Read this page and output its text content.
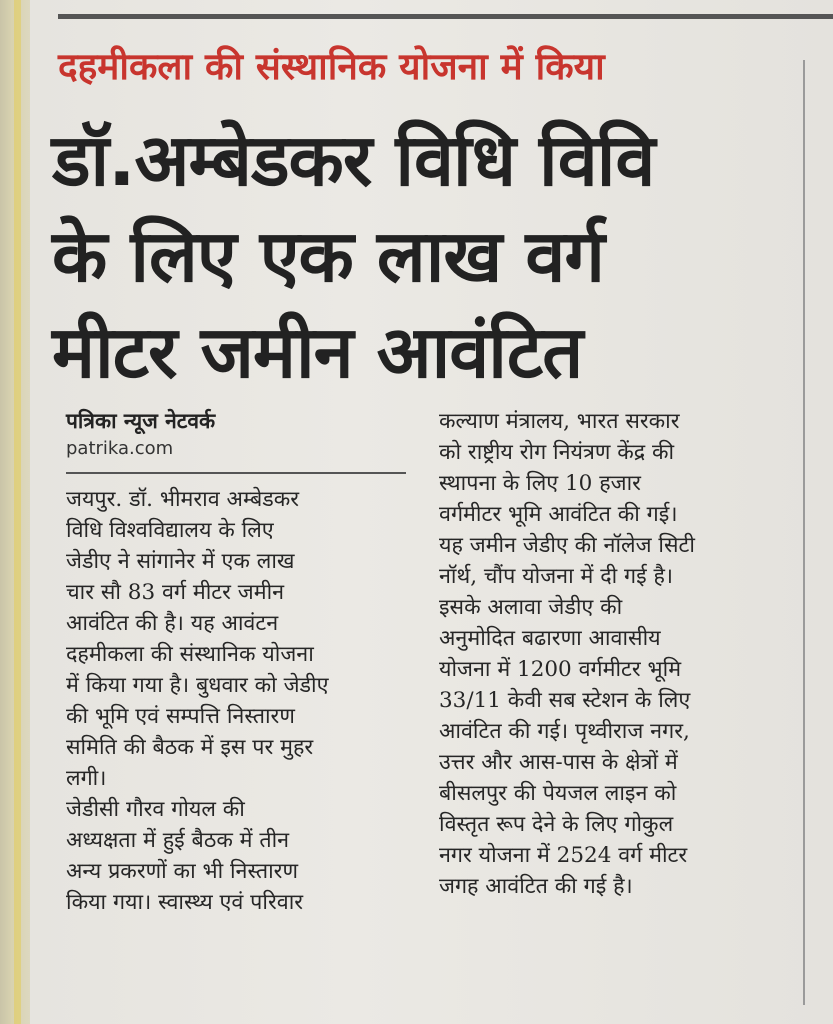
दहमीकला की संस्थानिक योजना में किया
डॉ.अम्बेडकर विधि विवि
के लिए एक लाख वर्ग
मीटर जमीन आवंटित
पत्रिका न्यूज नेटवर्क
patrika.com
जयपुर. डॉ. भीमराव अम्बेडकर
विधि विश्वविद्यालय के लिए
जेडीए ने सांगानेर में एक लाख
चार सौ 83 वर्ग मीटर जमीन
आवंटित की है। यह आवंटन
दहमीकला की संस्थानिक योजना
में किया गया है। बुधवार को जेडीए
की भूमि एवं सम्पत्ति निस्तारण
समिति की बैठक में इस पर मुहर
लगी।
जेडीसी गौरव गोयल की
अध्यक्षता में हुई बैठक में तीन
अन्य प्रकरणों का भी निस्तारण
किया गया। स्वास्थ्य एवं परिवार
कल्याण मंत्रालय, भारत सरकार
को राष्ट्रीय रोग नियंत्रण केंद्र की
स्थापना के लिए 10 हजार
वर्गमीटर भूमि आवंटित की गई।
यह जमीन जेडीए की नॉलेज सिटी
नॉर्थ, चौंप योजना में दी गई है।
इसके अलावा जेडीए की
अनुमोदित बढारणा आवासीय
योजना में 1200 वर्गमीटर भूमि
33/11 केवी सब स्टेशन के लिए
आवंटित की गई। पृथ्वीराज नगर,
उत्तर और आस-पास के क्षेत्रों में
बीसलपुर की पेयजल लाइन को
विस्तृत रूप देने के लिए गोकुल
नगर योजना में 2524 वर्ग मीटर
जगह आवंटित की गई है।
